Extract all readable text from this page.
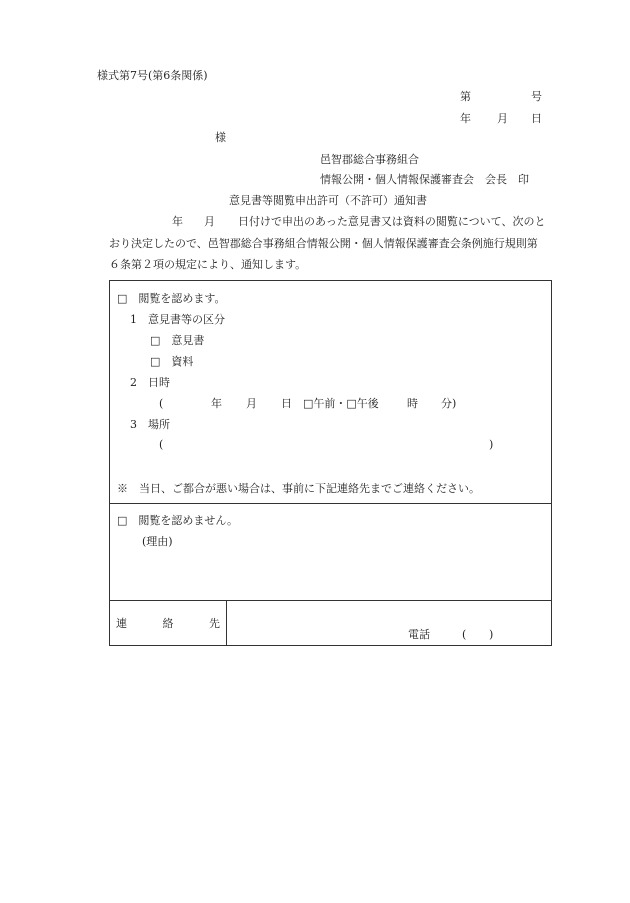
様式第7号(第6条関係)
第	号
年 月 日
様
邑智郡総合事務組合
情報公開・個人情報保護審査会　会長　印
意見書等閲覧申出許可（不許可）通知書
年 月 日付けで申出のあった意見書又は資料の閲覧について、次のと
おり決定したので、邑智郡総合事務組合情報公開・個人情報保護審査会条例施行規則第
６条第２項の規定により、通知します。
□　閲覧を認めます。
1　意見書等の区分
□　意見書
□　資料
2　日時
(	年 月 日 □午前・□午後	時 分)
3　場所
(	)
※　当日、ご都合が悪い場合は、事前に下記連絡先までご連絡ください。
□　閲覧を認めません。
(理由)
連	絡	先
電話	( )
